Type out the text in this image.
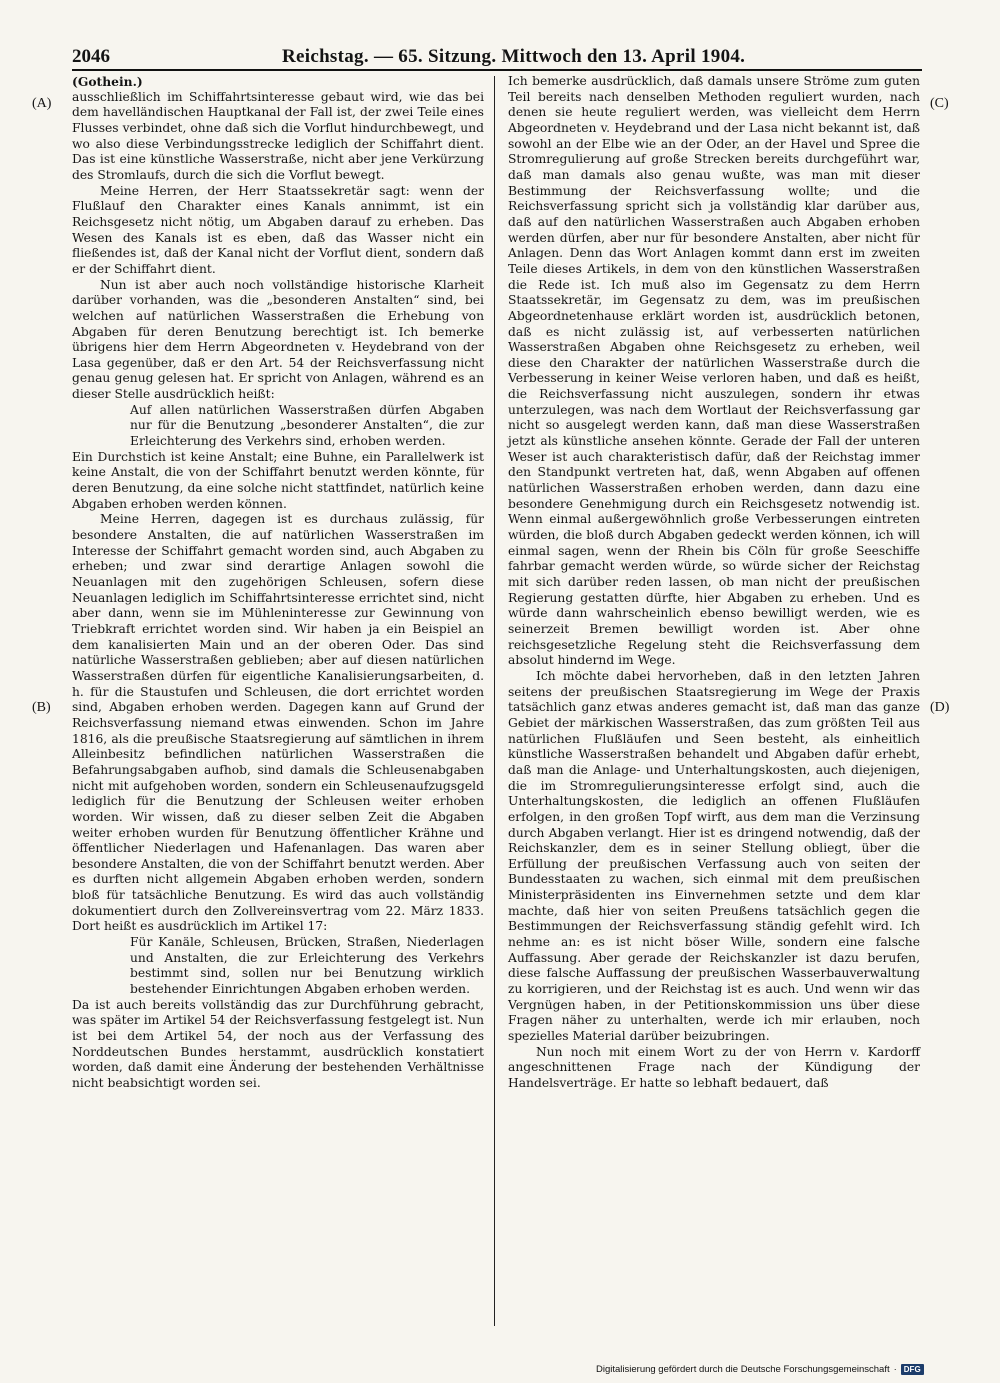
2046	Reichstag. — 65. Sitzung. Mittwoch den 13. April 1904.
(A)
(B)
(C)
(D)

(Gothein.)

ausschließlich im Schiffahrtsinteresse gebaut wird, wie das bei dem havelländischen Hauptkanal der Fall ist, der zwei Teile eines Flusses verbindet, ohne daß sich die Vorflut hindurchbewegt, und wo also diese Verbindungsstrecke lediglich der Schiffahrt dient. Das ist eine künstliche Wasserstraße, nicht aber jene Verkürzung des Stromlaufs, durch die sich die Vorflut bewegt.

Meine Herren, der Herr Staatssekretär sagt: wenn der Flußlauf den Charakter eines Kanals annimmt, ist ein Reichsgesetz nicht nötig, um Abgaben darauf zu erheben. Das Wesen des Kanals ist es eben, daß das Wasser nicht ein fließendes ist, daß der Kanal nicht der Vorflut dient, sondern daß er der Schiffahrt dient.

Nun ist aber auch noch vollständige historische Klarheit darüber vorhanden, was die „besonderen Anstalten“ sind, bei welchen auf natürlichen Wasserstraßen die Erhebung von Abgaben für deren Benutzung berechtigt ist. Ich bemerke übrigens hier dem Herrn Abgeordneten v. Heydebrand von der Lasa gegenüber, daß er den Art. 54 der Reichsverfassung nicht genau genug gelesen hat. Er spricht von Anlagen, während es an dieser Stelle ausdrücklich heißt:

Auf allen natürlichen Wasserstraßen dürfen Abgaben nur für die Benutzung „besonderer Anstalten“, die zur Erleichterung des Verkehrs sind, erhoben werden.

Ein Durchstich ist keine Anstalt; eine Buhne, ein Parallelwerk ist keine Anstalt, die von der Schiffahrt benutzt werden könnte, für deren Benutzung, da eine solche nicht stattfindet, natürlich keine Abgaben erhoben werden können.

Meine Herren, dagegen ist es durchaus zulässig, für besondere Anstalten, die auf natürlichen Wasserstraßen im Interesse der Schiffahrt gemacht worden sind, auch Abgaben zu erheben; und zwar sind derartige Anlagen sowohl die Neuanlagen mit den zugehörigen Schleusen, sofern diese Neuanlagen lediglich im Schiffahrtsinteresse errichtet sind, nicht aber dann, wenn sie im Mühleninteresse zur Gewinnung von Triebkraft errichtet worden sind. Wir haben ja ein Beispiel an dem kanalisierten Main und an der oberen Oder. Das sind natürliche Wasserstraßen geblieben; aber auf diesen natürlichen Wasserstraßen dürfen für eigentliche Kanalisierungsarbeiten, d. h. für die Staustufen und Schleusen, die dort errichtet worden sind, Abgaben erhoben werden. Dagegen kann auf Grund der Reichsverfassung niemand etwas einwenden. Schon im Jahre 1816, als die preußische Staatsregierung auf sämtlichen in ihrem Alleinbesitz befindlichen natürlichen Wasserstraßen die Befahrungsabgaben aufhob, sind damals die Schleusenabgaben nicht mit aufgehoben worden, sondern ein Schleusenaufzugsgeld lediglich für die Benutzung der Schleusen weiter erhoben worden. Wir wissen, daß zu dieser selben Zeit die Abgaben weiter erhoben wurden für Benutzung öffentlicher Krähne und öffentlicher Niederlagen und Hafenanlagen. Das waren aber besondere Anstalten, die von der Schiffahrt benutzt werden. Aber es durften nicht allgemein Abgaben erhoben werden, sondern bloß für tatsächliche Benutzung. Es wird das auch vollständig dokumentiert durch den Zollvereinsvertrag vom 22. März 1833. Dort heißt es ausdrücklich im Artikel 17:

Für Kanäle, Schleusen, Brücken, Straßen, Niederlagen und Anstalten, die zur Erleichterung des Verkehrs bestimmt sind, sollen nur bei Benutzung wirklich bestehender Einrichtungen Abgaben erhoben werden.

Da ist auch bereits vollständig das zur Durchführung gebracht, was später im Artikel 54 der Reichsverfassung festgelegt ist. Nun ist bei dem Artikel 54, der noch aus der Verfassung des Norddeutschen Bundes herstammt, ausdrücklich konstatiert worden, daß damit eine Änderung der bestehenden Verhältnisse nicht beabsichtigt worden sei.

Ich bemerke ausdrücklich, daß damals unsere Ströme zum guten Teil bereits nach denselben Methoden reguliert wurden, nach denen sie heute reguliert werden, was vielleicht dem Herrn Abgeordneten v. Heydebrand und der Lasa nicht bekannt ist, daß sowohl an der Elbe wie an der Oder, an der Havel und Spree die Stromregulierung auf große Strecken bereits durchgeführt war, daß man damals also genau wußte, was man mit dieser Bestimmung der Reichsverfassung wollte; und die Reichsverfassung spricht sich ja vollständig klar darüber aus, daß auf den natürlichen Wasserstraßen auch Abgaben erhoben werden dürfen, aber nur für besondere Anstalten, aber nicht für Anlagen. Denn das Wort Anlagen kommt dann erst im zweiten Teile dieses Artikels, in dem von den künstlichen Wasserstraßen die Rede ist. Ich muß also im Gegensatz zu dem Herrn Staatssekretär, im Gegensatz zu dem, was im preußischen Abgeordnetenhause erklärt worden ist, ausdrücklich betonen, daß es nicht zulässig ist, auf verbesserten natürlichen Wasserstraßen Abgaben ohne Reichsgesetz zu erheben, weil diese den Charakter der natürlichen Wasserstraße durch die Verbesserung in keiner Weise verloren haben, und daß es heißt, die Reichsverfassung nicht auszulegen, sondern ihr etwas unterzulegen, was nach dem Wortlaut der Reichsverfassung gar nicht so ausgelegt werden kann, daß man diese Wasserstraßen jetzt als künstliche ansehen könnte. Gerade der Fall der unteren Weser ist auch charakteristisch dafür, daß der Reichstag immer den Standpunkt vertreten hat, daß, wenn Abgaben auf offenen natürlichen Wasserstraßen erhoben werden, dann dazu eine besondere Genehmigung durch ein Reichsgesetz notwendig ist. Wenn einmal außergewöhnlich große Verbesserungen eintreten würden, die bloß durch Abgaben gedeckt werden können, ich will einmal sagen, wenn der Rhein bis Cöln für große Seeschiffe fahrbar gemacht werden würde, so würde sicher der Reichstag mit sich darüber reden lassen, ob man nicht der preußischen Regierung gestatten dürfte, hier Abgaben zu erheben. Und es würde dann wahrscheinlich ebenso bewilligt werden, wie es seinerzeit Bremen bewilligt worden ist. Aber ohne reichsgesetzliche Regelung steht die Reichsverfassung dem absolut hindernd im Wege.

Ich möchte dabei hervorheben, daß in den letzten Jahren seitens der preußischen Staatsregierung im Wege der Praxis tatsächlich ganz etwas anderes gemacht ist, daß man das ganze Gebiet der märkischen Wasserstraßen, das zum größten Teil aus natürlichen Flußläufen und Seen besteht, als einheitlich künstliche Wasserstraßen behandelt und Abgaben dafür erhebt, daß man die Anlage- und Unterhaltungskosten, auch diejenigen, die im Stromregulierungsinteresse erfolgt sind, auch die Unterhaltungskosten, die lediglich an offenen Flußläufen erfolgen, in den großen Topf wirft, aus dem man die Verzinsung durch Abgaben verlangt. Hier ist es dringend notwendig, daß der Reichskanzler, dem es in seiner Stellung obliegt, über die Erfüllung der preußischen Verfassung auch von seiten der Bundesstaaten zu wachen, sich einmal mit dem preußischen Ministerpräsidenten ins Einvernehmen setzte und dem klar machte, daß hier von seiten Preußens tatsächlich gegen die Bestimmungen der Reichsverfassung ständig gefehlt wird. Ich nehme an: es ist nicht böser Wille, sondern eine falsche Auffassung. Aber gerade der Reichskanzler ist dazu berufen, diese falsche Auffassung der preußischen Wasserbauverwaltung zu korrigieren, und der Reichstag ist es auch. Und wenn wir das Vergnügen haben, in der Petitionskommission uns über diese Fragen näher zu unterhalten, werde ich mir erlauben, noch spezielles Material darüber beizubringen.

Nun noch mit einem Wort zu der von Herrn v. Kardorff angeschnittenen Frage nach der Kündigung der Handelsverträge. Er hatte so lebhaft bedauert, daß

Digitalisierung gefördert durch die Deutsche Forschungsgemeinschaft · DFG
